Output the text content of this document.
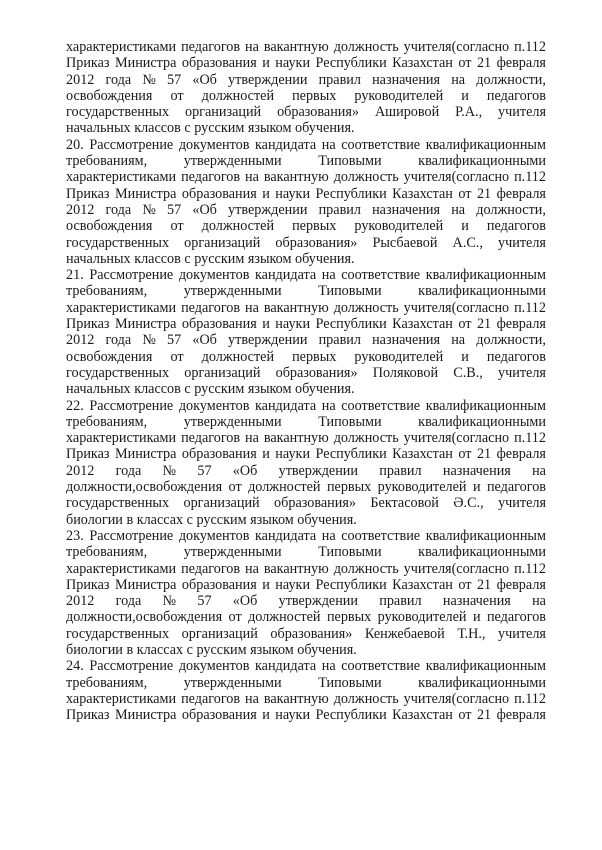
характеристиками педагогов на вакантную должность учителя(согласно п.112
Приказ Министра образования и науки Республики Казахстан от 21 февраля
2012 года № 57 «Об утверждении правил назначения на должности,
освобождения от должностей первых руководителей и педагогов
государственных организаций образования» Ашировой Р.А., учителя
начальных классов с русским языком обучения.
20. Рассмотрение документов кандидата на соответствие квалификационным
требованиям,	утвержденными	Типовыми	квалификационными
характеристиками педагогов на вакантную должность учителя(согласно п.112
Приказ Министра образования и науки Республики Казахстан от 21 февраля
2012 года № 57 «Об утверждении правил назначения на должности,
освобождения от должностей первых руководителей и педагогов
государственных организаций образования» Рысбаевой А.С., учителя
начальных классов с русским языком обучения.
21. Рассмотрение документов кандидата на соответствие квалификационным
требованиям,	утвержденными	Типовыми	квалификационными
характеристиками педагогов на вакантную должность учителя(согласно п.112
Приказ Министра образования и науки Республики Казахстан от 21 февраля
2012 года № 57 «Об утверждении правил назначения на должности,
освобождения от должностей первых руководителей и педагогов
государственных организаций образования» Поляковой С.В., учителя
начальных классов с русским языком обучения.
22. Рассмотрение документов кандидата на соответствие квалификационным
требованиям,	утвержденными	Типовыми	квалификационными
характеристиками педагогов на вакантную должность учителя(согласно п.112
Приказ Министра образования и науки Республики Казахстан от 21 февраля
2012 года № 57 «Об утверждении правил назначения на
должности,освобождения от должностей первых руководителей и педагогов
государственных организаций образования» Бектасовой Ә.С., учителя
биологии в классах с русским языком обучения.
23. Рассмотрение документов кандидата на соответствие квалификационным
требованиям,	утвержденными	Типовыми	квалификационными
характеристиками педагогов на вакантную должность учителя(согласно п.112
Приказ Министра образования и науки Республики Казахстан от 21 февраля
2012 года № 57 «Об утверждении правил назначения на
должности,освобождения от должностей первых руководителей и педагогов
государственных организаций образования» Кенжебаевой Т.Н., учителя
биологии в классах с русским языком обучения.
24. Рассмотрение документов кандидата на соответствие квалификационным
требованиям,	утвержденными	Типовыми	квалификационными
характеристиками педагогов на вакантную должность учителя(согласно п.112
Приказ Министра образования и науки Республики Казахстан от 21 февраля
